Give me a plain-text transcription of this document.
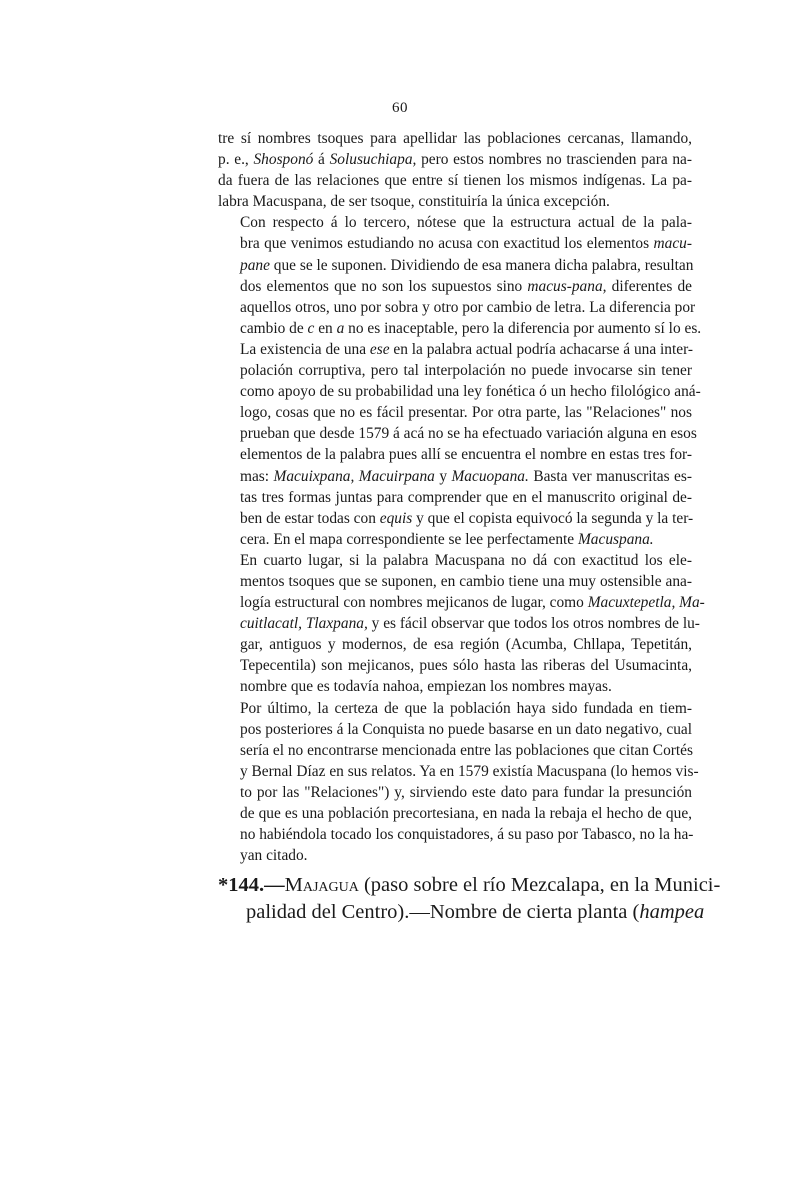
60
tre sí nombres tsoques para apellidar las poblaciones cercanas, llamando,
p. e., Shosponó á Solusuchiapa, pero estos nombres no trascienden para na-
da fuera de las relaciones que entre sí tienen los mismos indígenas. La pa-
labra Macuspana, de ser tsoque, constituiría la única excepción.
Con respecto á lo tercero, nótese que la estructura actual de la pala-
bra que venimos estudiando no acusa con exactitud los elementos macu-
pane que se le suponen. Dividiendo de esa manera dicha palabra, resultan
dos elementos que no son los supuestos sino macus-pana, diferentes de
aquellos otros, uno por sobra y otro por cambio de letra. La diferencia por
cambio de c en a no es inaceptable, pero la diferencia por aumento sí lo es.
La existencia de una ese en la palabra actual podría achacarse á una inter-
polación corruptiva, pero tal interpolación no puede invocarse sin tener
como apoyo de su probabilidad una ley fonética ó un hecho filológico aná-
logo, cosas que no es fácil presentar. Por otra parte, las "Relaciones" nos
prueban que desde 1579 á acá no se ha efectuado variación alguna en esos
elementos de la palabra pues allí se encuentra el nombre en estas tres for-
mas: Macuixpana, Macuirpana y Macuopana. Basta ver manuscritas es-
tas tres formas juntas para comprender que en el manuscrito original de-
ben de estar todas con equis y que el copista equivocó la segunda y la ter-
cera. En el mapa correspondiente se lee perfectamente Macuspana.
En cuarto lugar, si la palabra Macuspana no dá con exactitud los ele-
mentos tsoques que se suponen, en cambio tiene una muy ostensible ana-
logía estructural con nombres mejicanos de lugar, como Macuxtepetla, Ma-
cuitlacatl, Tlaxpana, y es fácil observar que todos los otros nombres de lu-
gar, antiguos y modernos, de esa región (Acumba, Chllapa, Tepetitán,
Tepecentila) son mejicanos, pues sólo hasta las riberas del Usumacinta,
nombre que es todavía nahoa, empiezan los nombres mayas.
Por último, la certeza de que la población haya sido fundada en tiem-
pos posteriores á la Conquista no puede basarse en un dato negativo, cual
sería el no encontrarse mencionada entre las poblaciones que citan Cortés
y Bernal Díaz en sus relatos. Ya en 1579 existía Macuspana (lo hemos vis-
to por las "Relaciones") y, sirviendo este dato para fundar la presunción
de que es una población precortesiana, en nada la rebaja el hecho de que,
no habiéndola tocado los conquistadores, á su paso por Tabasco, no la ha-
yan citado.
*144.—Majagua (paso sobre el río Mezcalapa, en la Munici-
palidad del Centro).—Nombre de cierta planta (hampea
